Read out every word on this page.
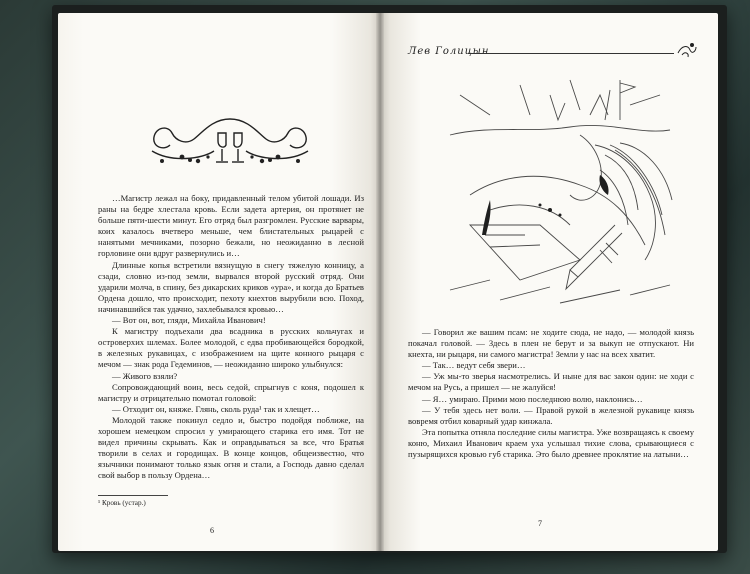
…Магистр лежал на боку, придавленный телом убитой лошади. Из раны на бедре хлестала кровь. Если задета артерия, он протянет не больше пяти-шести минут. Его отряд был разгромлен. Русские варвары, коих казалось вчетверо меньше, чем блистательных рыцарей с нанятыми мечниками, позорно бежали, но неожиданно в лесной горловине они вдруг развернулись и…

Длинные копья встретили вязнущую в снегу тяжелую конницу, а сзади, словно из-под земли, вырвался второй русский отряд. Они ударили молча, в спину, без дикарских криков «ура», и когда до Братьев Ордена дошло, что происходит, пехоту кнехтов вырубили всю. Поход, начинавшийся так удачно, захлебывался кровью…

— Вот он, вот, гляди, Михайла Иванович!

К магистру подъехали два всадника в русских кольчугах и островерхих шлемах. Более молодой, с едва пробивающейся бородкой, в железных рукавицах, с изображением на щите конного рыцаря с мечом — знак рода Гедеминов, — неожиданно широко улыбнулся:

— Живого взяли?

Сопровождающий воин, весь седой, спрыгнув с коня, подошел к магистру и отрицательно помотал головой:

— Отходит он, княже. Глянь, сколь руда¹ так и хлещет…

Молодой также покинул седло и, быстро подойдя поближе, на хорошем немецком спросил у умирающего старика его имя. Тот не видел причины скрывать. Как и оправдываться за все, что Братья творили в селах и городищах. В конце концов, общеизвестно, что язычники понимают только язык огня и стали, а Господь давно сделал свой выбор в пользу Ордена…

¹ Кровь (устар.)
6
Лев Голицын

— Говорил же вашим псам: не ходите сюда, не надо, — молодой князь покачал головой. — Здесь в плен не берут и за выкуп не отпускают. Ни кнехта, ни рыцаря, ни самого магистра! Земли у нас на всех хватит.

— Так… ведут себя звери…

— Уж мы-то зверья насмотрелись. И ныне для вас закон один: не ходи с мечом на Русь, а пришел — не жалуйся!

— Я… умираю. Прими мою последнюю волю, наклонись…

— У тебя здесь нет воли. — Правой рукой в железной рукавице князь вовремя отбил коварный удар кинжала.

Эта попытка отняла последние силы магистра. Уже возвращаясь к своему коню, Михаил Иванович краем уха услышал тихие слова, срывающиеся с пузырящихся кровью губ старика. Это было древнее проклятие на латыни…

7
